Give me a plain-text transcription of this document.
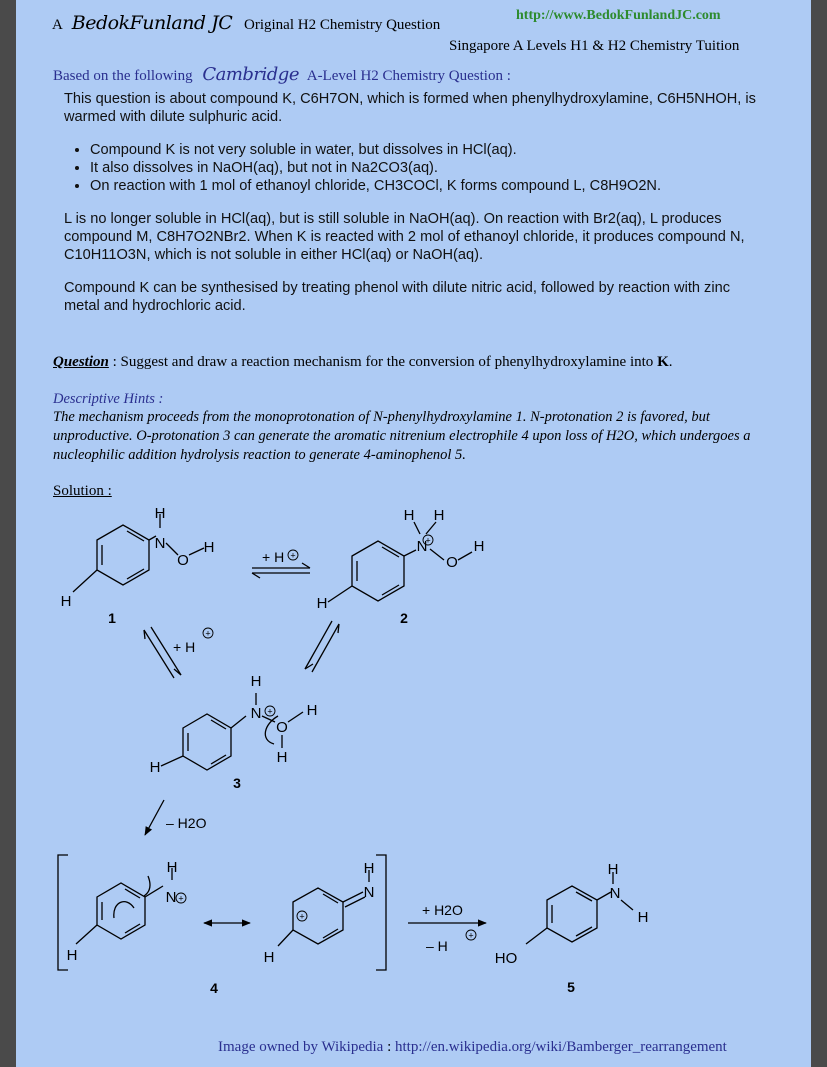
A BedokFunland JC Original H2 Chemistry Question
http://www.BedokFunlandJC.com
Singapore A Levels H1 & H2 Chemistry Tuition
Based on the following Cambridge A-Level H2 Chemistry Question :

This question is about compound K, C6H7ON, which is formed when phenylhydroxylamine, C6H5NHOH, is warmed with dilute sulphuric acid.

• Compound K is not very soluble in water, but dissolves in HCl(aq).
• It also dissolves in NaOH(aq), but not in Na2CO3(aq).
• On reaction with 1 mol of ethanoyl chloride, CH3COCl, K forms compound L, C8H9O2N.

L is no longer soluble in HCl(aq), but is still soluble in NaOH(aq). On reaction with Br2(aq), L produces compound M, C8H7O2NBr2. When K is reacted with 2 mol of ethanoyl chloride, it produces compound N, C10H11O3N, which is not soluble in either HCl(aq) or NaOH(aq).

Compound K can be synthesised by treating phenol with dilute nitric acid, followed by reaction with zinc metal and hydrochloric acid.

Question : Suggest and draw a reaction mechanism for the conversion of phenylhydroxylamine into K.
Descriptive Hints :
The mechanism proceeds from the monoprotonation of N-phenylhydroxylamine 1. N-protonation 2 is favored, but unproductive. O-protonation 3 can generate the aromatic nitrenium electrophile 4 upon loss of H2O, which undergoes a nucleophilic addition hydrolysis reaction to generate 4-aminophenol 5.
Solution :
+
+
+
+
+
+
+
H
N
O
H
H
H H
N
O
H
H
H
N
O
H
H
H
H
N
H
H
N
H
H
N
H
HO
+ H
+ H
– H2O
+ H2O
– H
1	2
3
4	5
Image owned by Wikipedia : http://en.wikipedia.org/wiki/Bamberger_rearrangement
